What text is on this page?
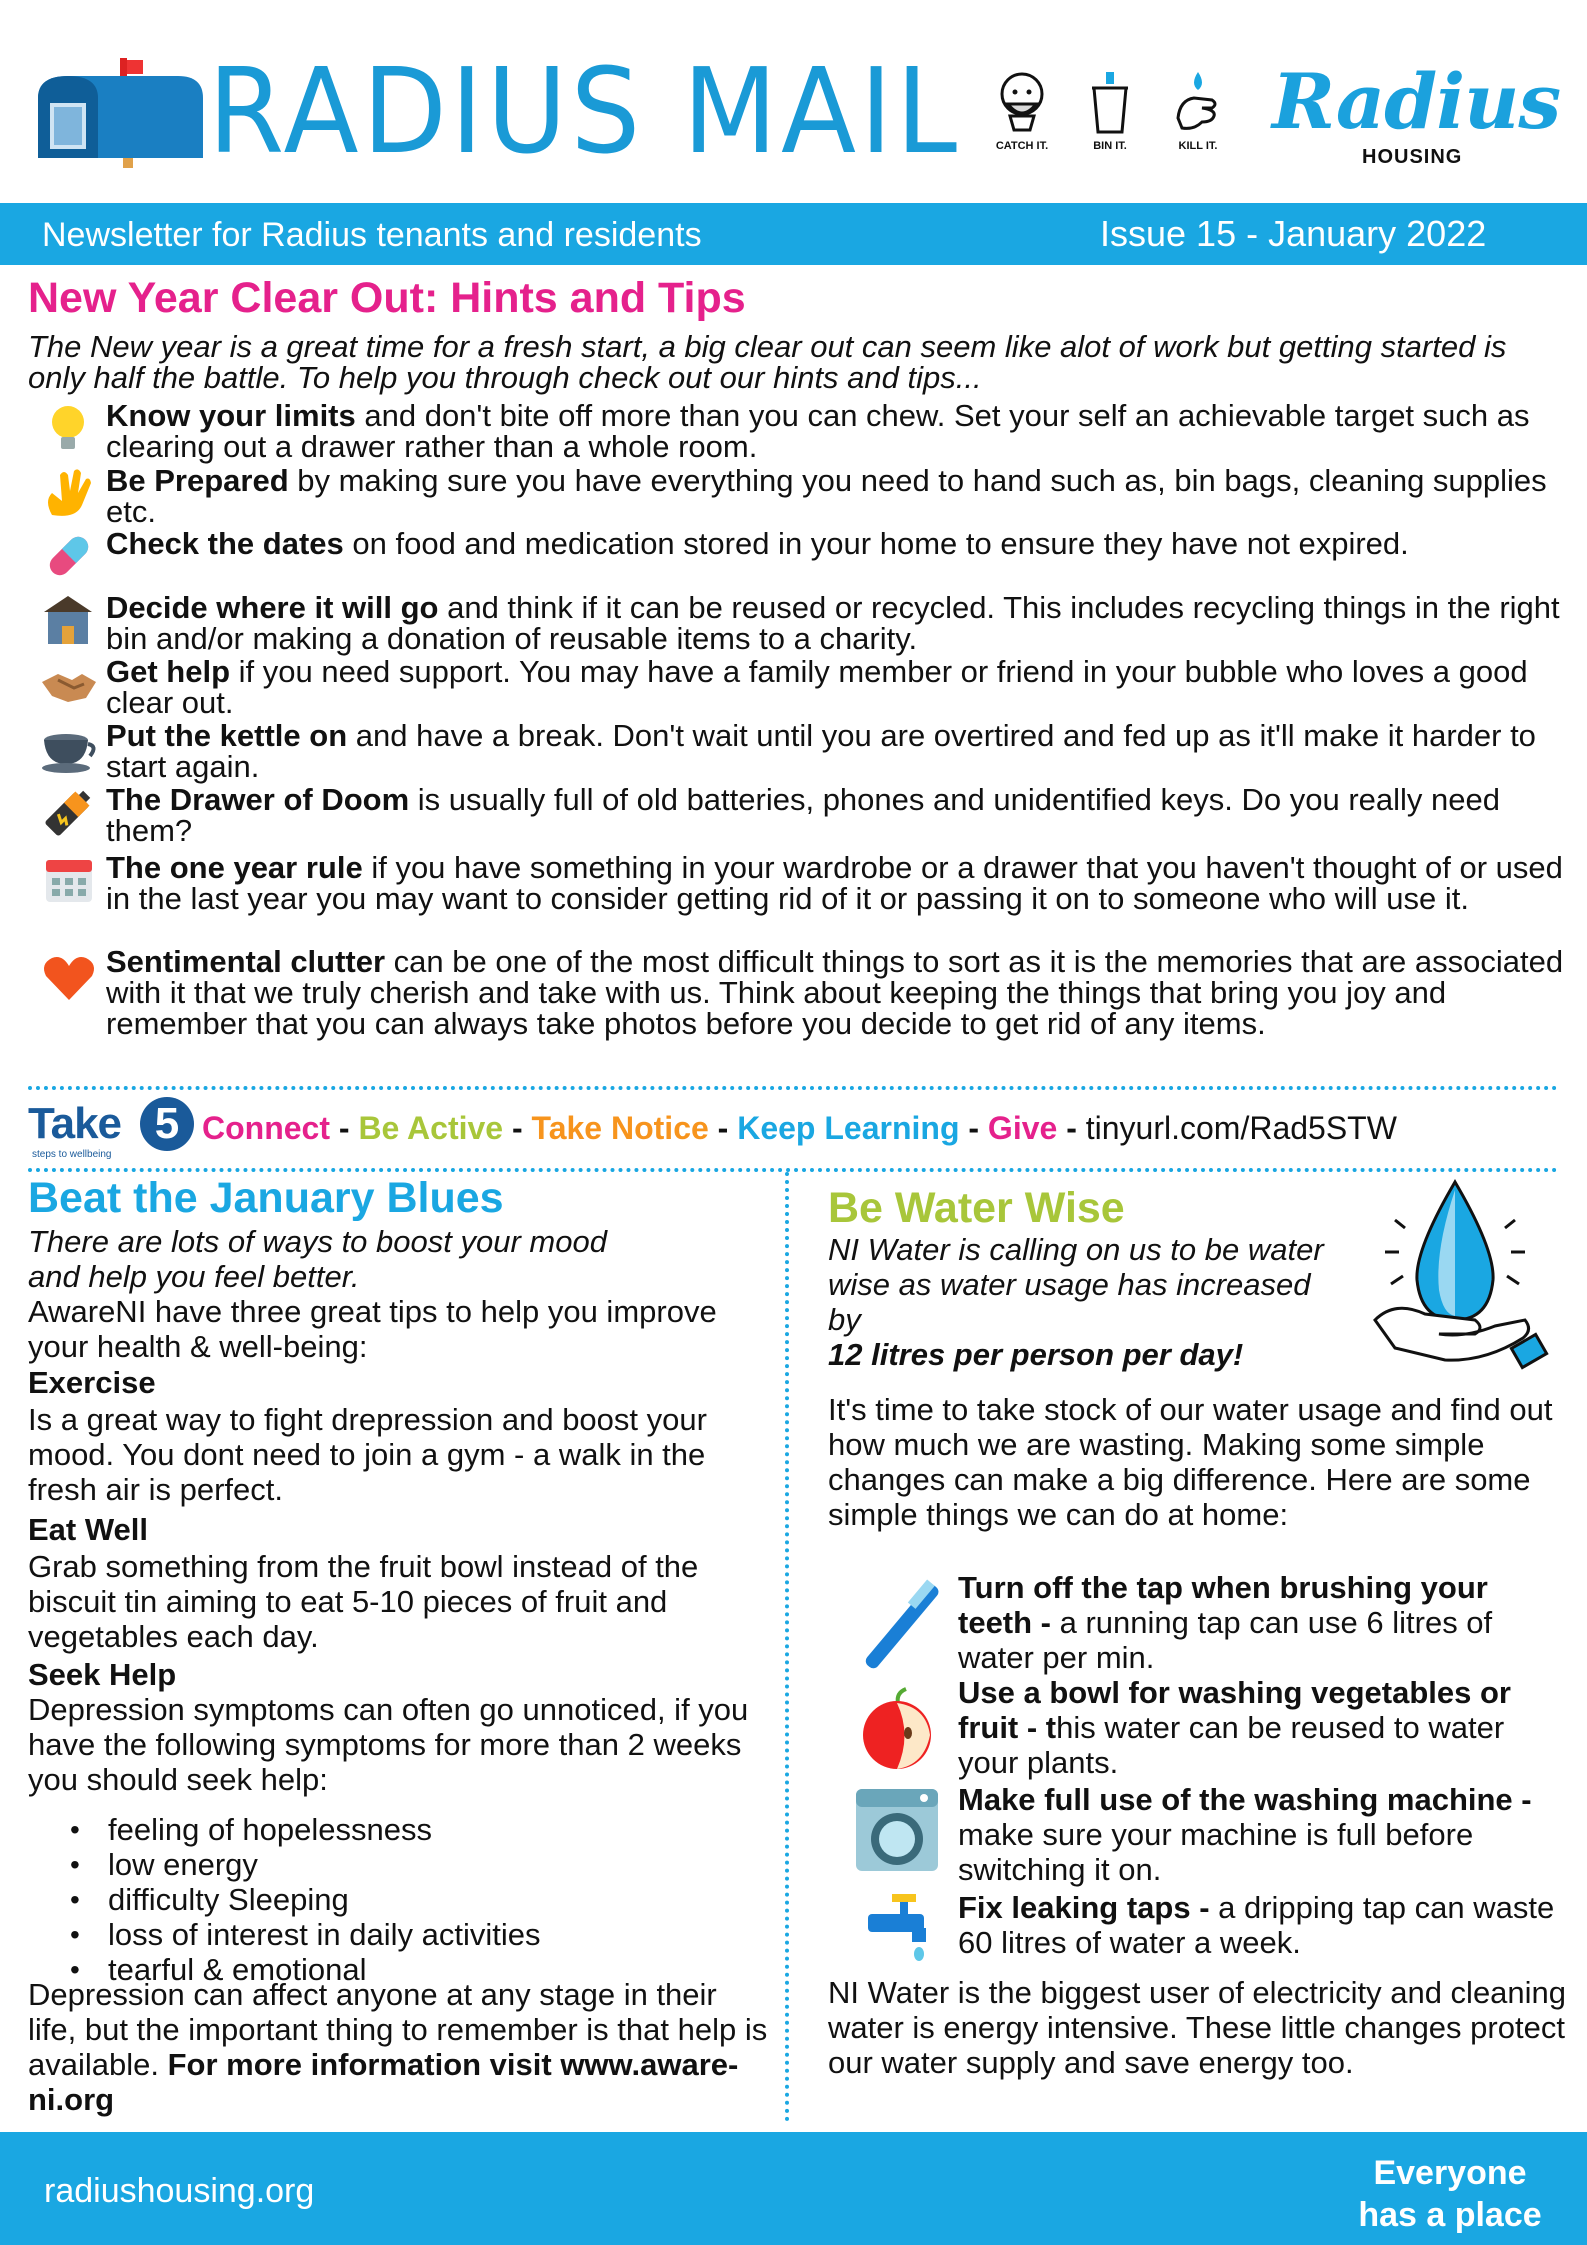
RADIUS MAIL	CATCH IT.	BIN IT.	KILL IT. Radius
HOUSING
Newsletter for Radius tenants and residents	Issue 15 - January 2022
New Year Clear Out: Hints and Tips
The New year is a great time for a fresh start, a big clear out can seem like alot of work but getting started is only half the battle. To help you through check out our hints and tips...
Know your limits and don't bite off more than you can chew. Set your self an achievable target such as clearing out a drawer rather than a whole room.
Be Prepared by making sure you have everything you need to hand such as, bin bags, cleaning supplies etc.
Check the dates on food and medication stored in your home to ensure they have not expired.
Decide where it will go and think if it can be reused or recycled. This includes recycling things in the right bin and/or making a donation of reusable items to a charity.
Get help if you need support. You may have a family member or friend in your bubble who loves a good clear out.
Put the kettle on and have a break. Don't wait until you are overtired and fed up as it'll make it harder to start again.
The Drawer of Doom is usually full of old batteries, phones and unidentified keys. Do you really need them?
The one year rule if you have something in your wardrobe or a drawer that you haven't thought of or used in the last year you may want to consider getting rid of it or passing it on to someone who will use it.
Sentimental clutter can be one of the most difficult things to sort as it is the memories that are associated with it that we truly cherish and take with us. Think about keeping the things that bring you joy and remember that you can always take photos before you decide to get rid of any items.
Take 5
steps to wellbeing
Connect - Be Active - Take Notice - Keep Learning - Give - tinyurl.com/Rad5STW
Beat the January Blues
There are lots of ways to boost your mood and help you feel better.
AwareNI have three great tips to help you improve your health & well-being:
Exercise
Is a great way to fight drepression and boost your mood. You dont need to join a gym - a walk in the fresh air is perfect.
Eat Well
Grab something from the fruit bowl instead of the biscuit tin aiming to eat 5-10 pieces of fruit and vegetables each day.
Seek Help
Depression symptoms can often go unnoticed, if you have the following symptoms for more than 2 weeks you should seek help:
• feeling of hopelessness
• low energy
• difficulty Sleeping
• loss of interest in daily activities
• tearful & emotional
Depression can affect anyone at any stage in their life, but the important thing to remember is that help is available. For more information visit www.aware-ni.org
Be Water Wise
NI Water is calling on us to be water wise as water usage has increased by
12 litres per person per day!
It's time to take stock of our water usage and find out how much we are wasting. Making some simple changes can make a big difference. Here are some simple things we can do at home:
Turn off the tap when brushing your teeth - a running tap can use 6 litres of water per min.
Use a bowl for washing vegetables or fruit - this water can be reused to water your plants.
Make full use of the washing machine - make sure your machine is full before switching it on.
Fix leaking taps - a dripping tap can waste 60 litres of water a week.
NI Water is the biggest user of electricity and cleaning water is energy intensive. These little changes protect our water supply and save energy too.
radiushousing.org	Everyone
has a place
